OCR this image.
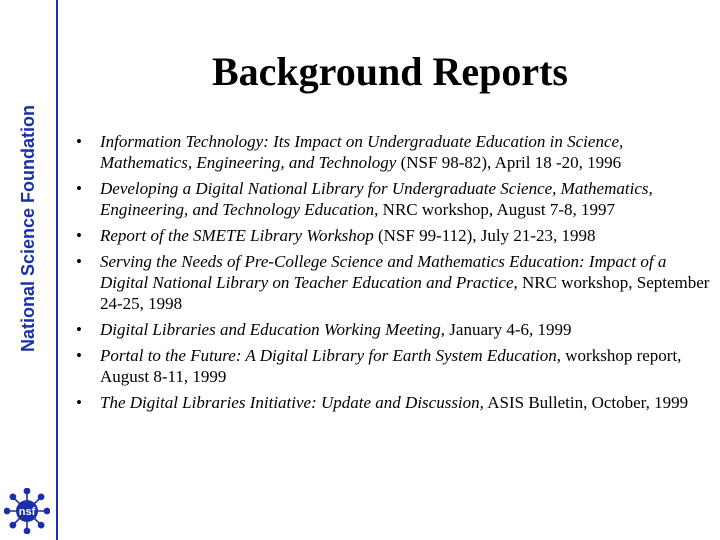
National Science Foundation
nsf
Background Reports
• Information Technology: Its Impact on Undergraduate Education in Science, Mathematics, Engineering, and Technology (NSF 98-82), April 18 -20, 1996
• Developing a Digital National Library for Undergraduate Science, Mathematics, Engineering, and Technology Education, NRC workshop, August 7-8, 1997
• Report of the SMETE Library Workshop (NSF 99-112), July 21-23, 1998
• Serving the Needs of Pre-College Science and Mathematics Education: Impact of a Digital National Library on Teacher Education and Practice, NRC workshop, September 24-25, 1998
• Digital Libraries and Education Working Meeting, January 4-6, 1999
• Portal to the Future: A Digital Library for Earth System Education, workshop report, August 8-11, 1999
• The Digital Libraries Initiative: Update and Discussion, ASIS Bulletin, October, 1999
